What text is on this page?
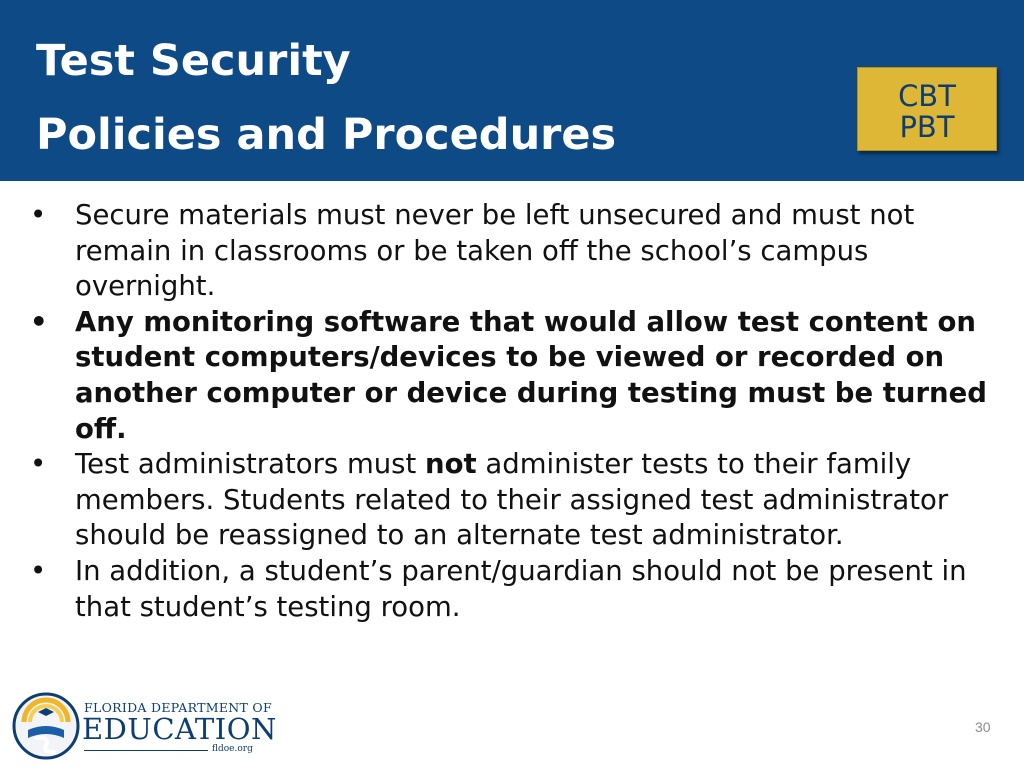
Test Security
Policies and Procedures
CBT
PBT
• Secure materials must never be left unsecured and must not remain in classrooms or be taken off the school’s campus overnight.
• Any monitoring software that would allow test content on student computers/devices to be viewed or recorded on another computer or device during testing must be turned off.
• Test administrators must not administer tests to their family members. Students related to their assigned test administrator should be reassigned to an alternate test administrator.
• In addition, a student’s parent/guardian should not be present in that student’s testing room.
FLORIDA DEPARTMENT OF
EDUCATION
fldoe.org
30
